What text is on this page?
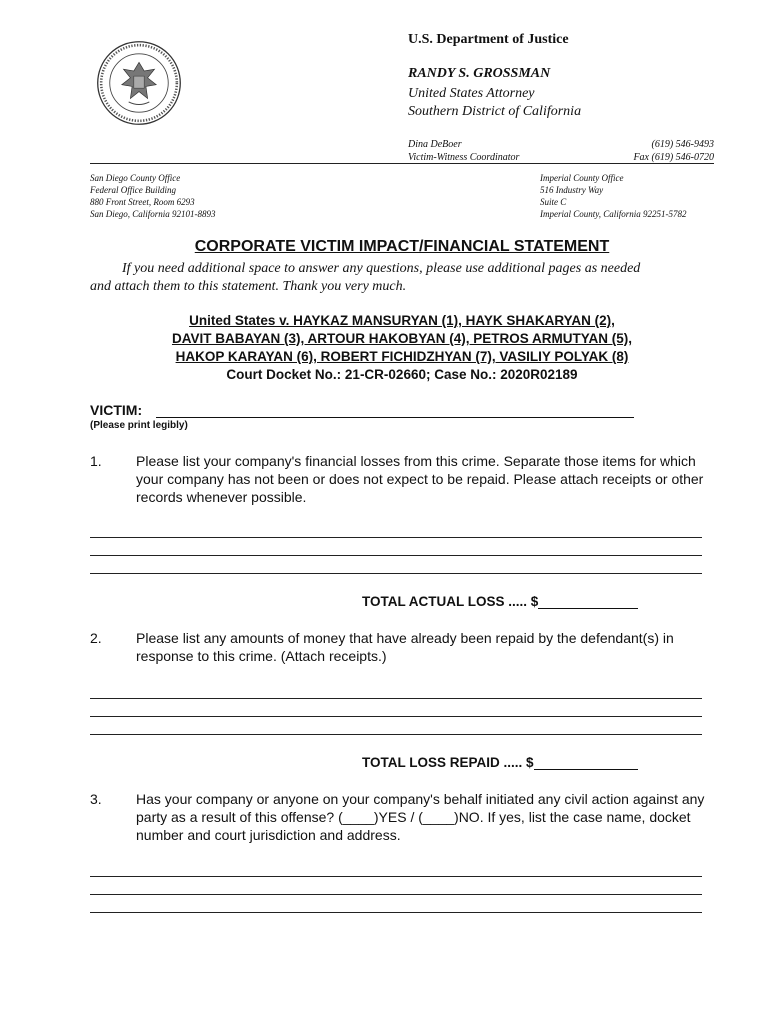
U.S. Department of Justice
RANDY S. GROSSMAN
United States Attorney
Southern District of California
Dina DeBoer	(619) 546-9493
Victim-Witness Coordinator	Fax (619) 546-0720
San Diego County Office
Federal Office Building
880 Front Street, Room 6293
San Diego, California 92101-8893
Imperial County Office
516 Industry Way
Suite C
Imperial County, California 92251-5782
CORPORATE VICTIM IMPACT/FINANCIAL STATEMENT
If you need additional space to answer any questions, please use additional pages as needed
and attach them to this statement. Thank you very much.
United States v. HAYKAZ MANSURYAN (1), HAYK SHAKARYAN (2),
DAVIT BABAYAN (3), ARTOUR HAKOBYAN (4), PETROS ARMUTYAN (5),
HAKOP KARAYAN (6), ROBERT FICHIDZHYAN (7), VASILIY POLYAK (8)
Court Docket No.: 21-CR-02660; Case No.: 2020R02189
VICTIM:
(Please print legibly)
1.	Please list your company's financial losses from this crime. Separate those items for which your company has not been or does not expect to be repaid. Please attach receipts or other records whenever possible.
TOTAL ACTUAL LOSS ..... $
2.	Please list any amounts of money that have already been repaid by the defendant(s) in response to this crime. (Attach receipts.)
TOTAL LOSS REPAID ..... $
3.	Has your company or anyone on your company's behalf initiated any civil action against any party as a result of this offense? (____)YES / (____)NO. If yes, list the case name, docket number and court jurisdiction and address.
